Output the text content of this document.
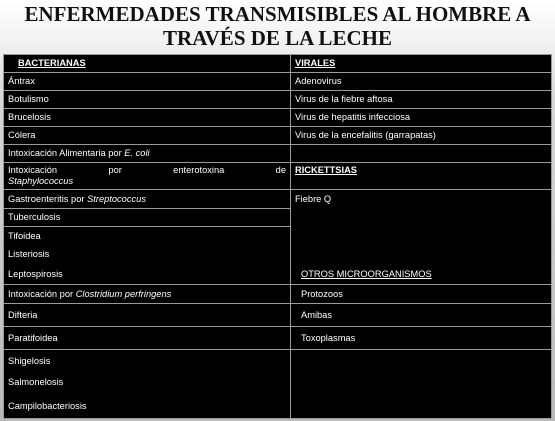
ENFERMEDADES TRANSMISIBLES AL HOMBRE A
TRAVÉS DE LA LECHE
BACTERIANAS	VIRALES
Ántrax	Adenovirus
Botulismo	Virus de la fiebre aftosa
Brucelosis	Virus de hepatitis infecciosa
Cólera	Virus de la encefalitis (garrapatas)
Intoxicación Alimentaria por E. coli	

Intoxicación por enterotoxina de
Staphylococcus	RICKETTSIAS
Gastroenteritis por Streptococcus	Fiebre Q
Tuberculosis	
Tifoidea	
Listeriosis	
Leptospirosis	OTROS MICROORGANISMOS
Intoxicación por Clostridium perfringens	Protozoos
Difteria	Amibas
Paratifoidea	Toxoplasmas
Shigelosis	
Salmonelosis	
Campilobacteriosis	
